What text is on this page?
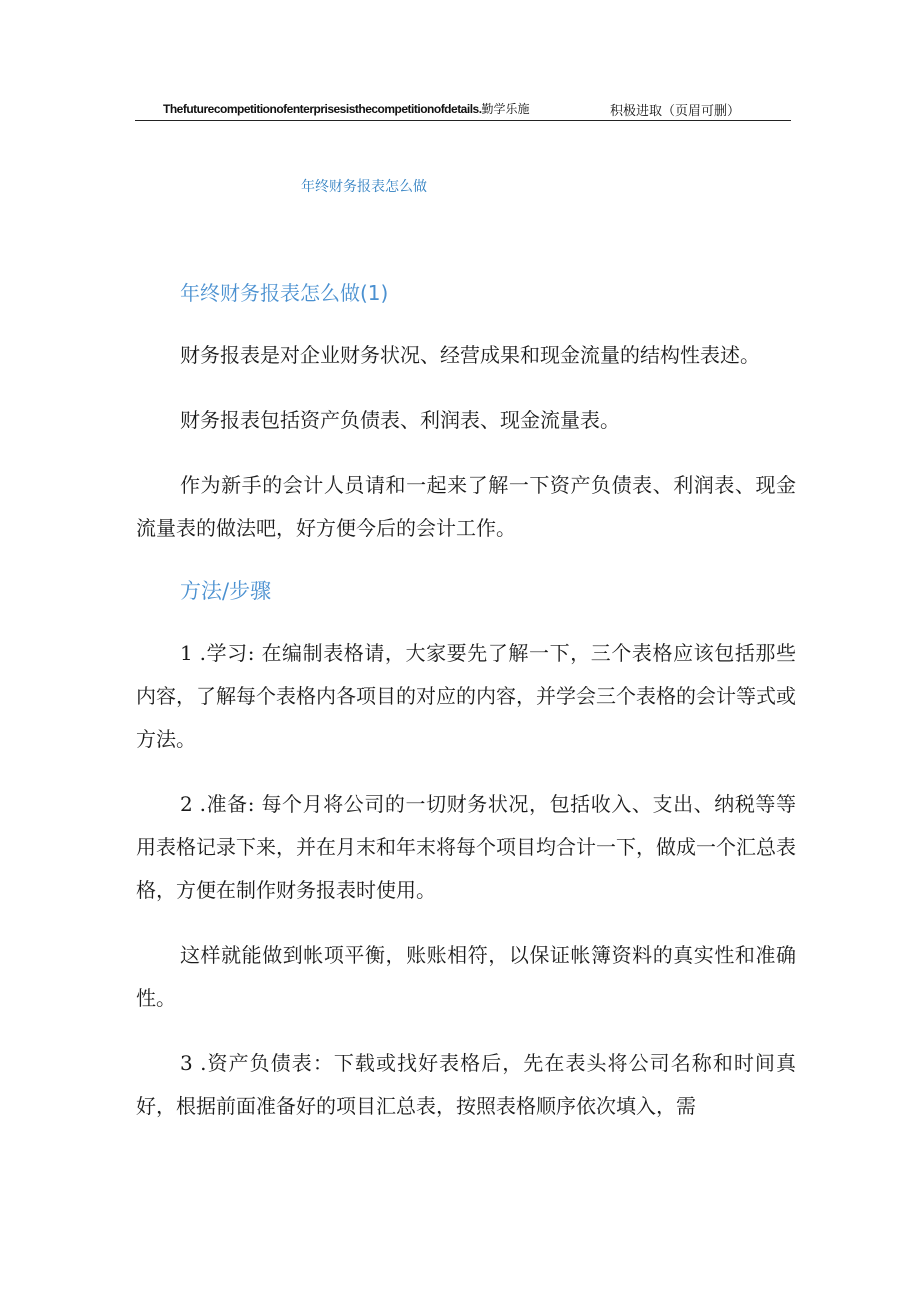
Thefuturecompetitionofenterprisesisthecompetitionofdetails.勤学乐施	积极进取（页眉可删）
年终财务报表怎么做

年终财务报表怎么做(1)

财务报表是对企业财务状况、经营成果和现金流量的结构性表述。

财务报表包括资产负债表、利润表、现金流量表。

作为新手的会计人员请和一起来了解一下资产负债表、利润表、现金流量表的做法吧，好方便今后的会计工作。

方法/步骤

1 .学习: 在编制表格请，大家要先了解一下，三个表格应该包括那些内容，了解每个表格内各项目的对应的内容，并学会三个表格的会计等式或方法。

2 .准备: 每个月将公司的一切财务状况，包括收入、支出、纳税等等用表格记录下来，并在月末和年末将每个项目均合计一下，做成一个汇总表格，方便在制作财务报表时使用。

这样就能做到帐项平衡，账账相符，以保证帐簿资料的真实性和准确性。

3 .资产负债表：下载或找好表格后，先在表头将公司名称和时间真好，根据前面准备好的项目汇总表，按照表格顺序依次填入，需
